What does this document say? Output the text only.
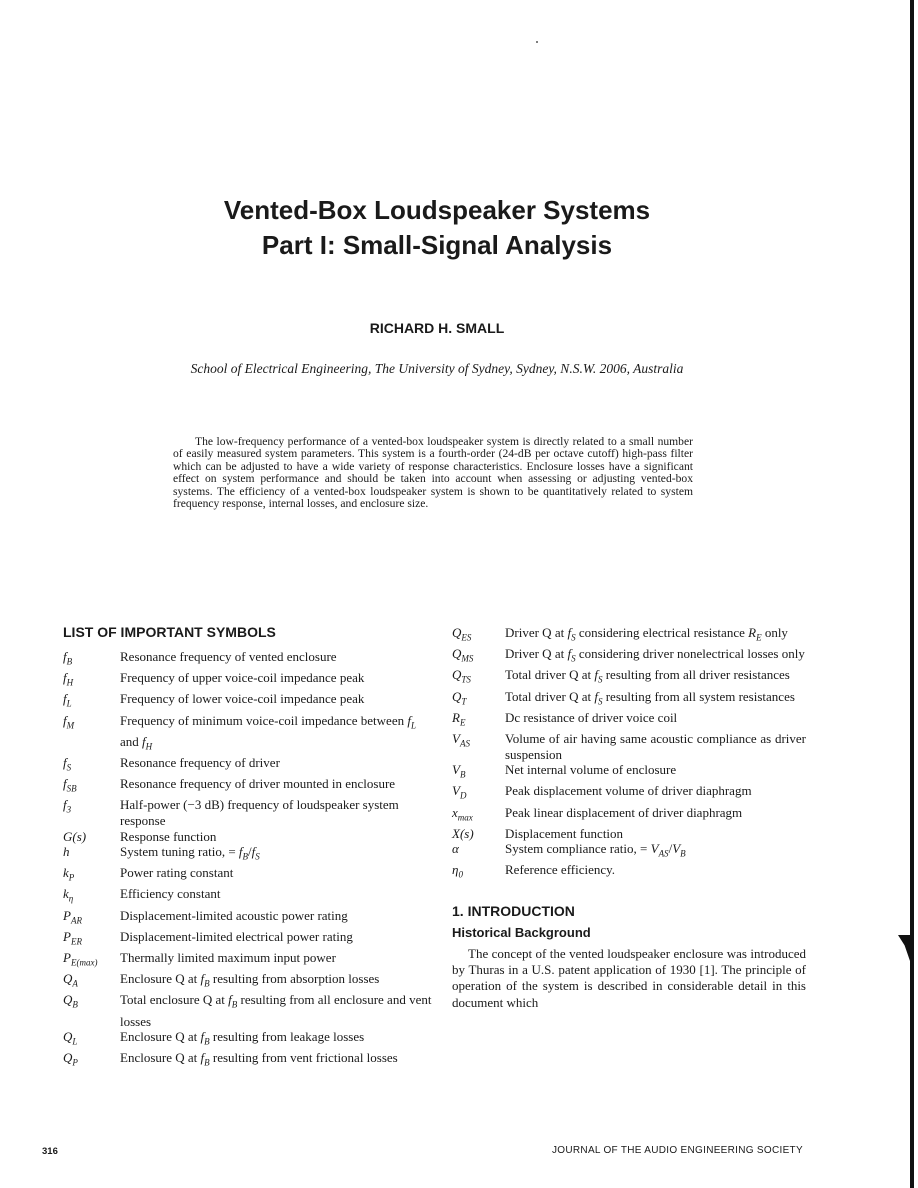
Vented-Box Loudspeaker Systems
Part I: Small-Signal Analysis
RICHARD H. SMALL
School of Electrical Engineering, The University of Sydney, Sydney, N.S.W. 2006, Australia

The low-frequency performance of a vented-box loudspeaker system is directly related to a small number of easily measured system parameters. This system is a fourth-order (24-dB per octave cutoff) high-pass filter which can be adjusted to have a wide variety of response characteristics. Enclosure losses have a significant effect on system performance and should be taken into account when assessing or adjusting vented-box systems. The efficiency of a vented-box loudspeaker system is shown to be quantitatively related to system frequency response, internal losses, and enclosure size.

LIST OF IMPORTANT SYMBOLS
$f_B$	Resonance frequency of vented enclosure
$f_H$	Frequency of upper voice-coil impedance peak
$f_L$	Frequency of lower voice-coil impedance peak
$f_M$	Frequency of minimum voice-coil impedance between $f_L$ and $f_H$
$f_S$	Resonance frequency of driver
$f_{SB}$	Resonance frequency of driver mounted in enclosure
$f_3$	Half-power (−3 dB) frequency of loudspeaker system response
G(s)	Response function
h	System tuning ratio, = $f_B/f_S$
$k_P$	Power rating constant
$k_\eta$	Efficiency constant
$P_{AR}$	Displacement-limited acoustic power rating
$P_{ER}$	Displacement-limited electrical power rating
$P_{E(max)}$	Thermally limited maximum input power
$Q_A$	Enclosure Q at $f_B$ resulting from absorption losses
$Q_B$	Total enclosure Q at $f_B$ resulting from all enclosure and vent losses
$Q_L$	Enclosure Q at $f_B$ resulting from leakage losses
$Q_P$	Enclosure Q at $f_B$ resulting from vent frictional losses
$Q_{ES}$	Driver Q at $f_S$ considering electrical resistance $R_E$ only
$Q_{MS}$	Driver Q at $f_S$ considering driver nonelectrical losses only
$Q_{TS}$	Total driver Q at $f_S$ resulting from all driver resistances
$Q_T$	Total driver Q at $f_S$ resulting from all system resistances
$R_E$	Dc resistance of driver voice coil
$V_{AS}$	Volume of air having same acoustic compliance as driver suspension
$V_B$	Net internal volume of enclosure
$V_D$	Peak displacement volume of driver diaphragm
$x_{max}$	Peak linear displacement of driver diaphragm
X(s)	Displacement function
α	System compliance ratio, = $V_{AS}/V_B$
$\eta_0$	Reference efficiency.
1. INTRODUCTION
Historical Background

The concept of the vented loudspeaker enclosure was introduced by Thuras in a U.S. patent application of 1930 [1]. The principle of operation of the system is described in considerable detail in this document which

316	JOURNAL OF THE AUDIO ENGINEERING SOCIETY
